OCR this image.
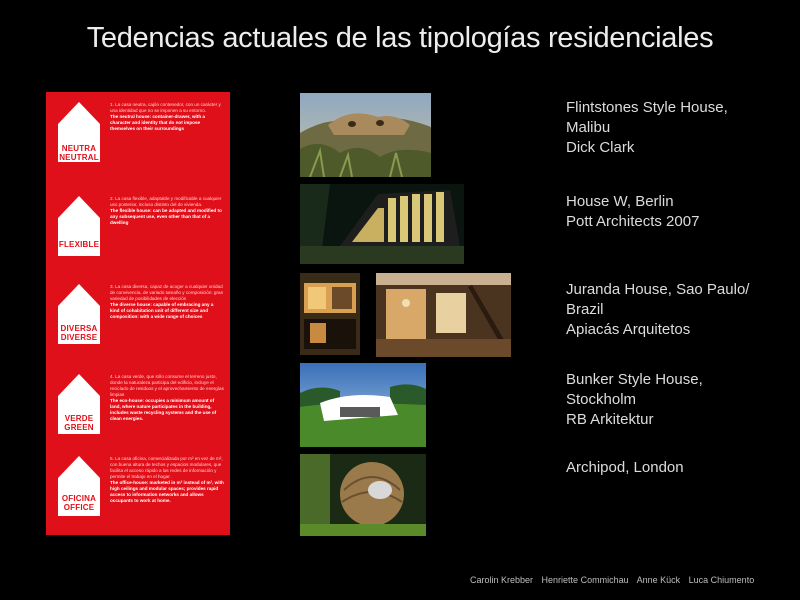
Tedencias actuales de las tipologías residenciales
NEUTRA
NEUTRAL
1. La casa neutra, cajón contenedor, con un carácter y una identidad que no se imponen a su entorno.
The neutral house: container-drawer, with a character and identity that do not impose themselves on their surroundings
FLEXIBLE
2. La casa flexible, adaptable y modificable a cualquier uso posterior, incluso distinto del de vivienda.
The flexible house: can be adapted and modified to any subsequent use, even other than that of a dwelling
DIVERSA
DIVERSE
3. La casa diversa, capaz de acoger a cualquier unidad de convivencia, de variado tamaño y composición: gran variedad de posibilidades de elección
The diverse house: capable of embracing any a kind of cohabitation unit of different size and composition: with a wide range of choices
VERDE
GREEN
4. La casa verde, que sólo consume el terreno justo, donde la naturaleza participa del edificio, incluye el reciclado de residuos y el aprovechamiento de energías limpias
The eco-house: occupies a minimum amount of land, where nature participates in the building, includes waste recycling systems and the use of clean energies.
OFICINA
OFFICE
5. La casa oficina, comercializada por m² en vez de m², con buena altura de techos y espacios modulares, que facilita el acceso rápido a las redes de información y permite el trabajo en el hogar.
The office-house: marketed in m³ instead of m², with high ceilings and modular spaces; provides rapid access to information networks and allows occupants to work at home.
Flintstones Style House,
Malibu
Dick Clark
House W, Berlin
Pott Architects 2007
Juranda House, Sao Paulo/
Brazil
Apiacás Arquitetos
Bunker Style House,
Stockholm
RB Arkitektur
Archipod, London
Carolin Krebber Henriette Commichau Anne Kück Luca Chiumento
